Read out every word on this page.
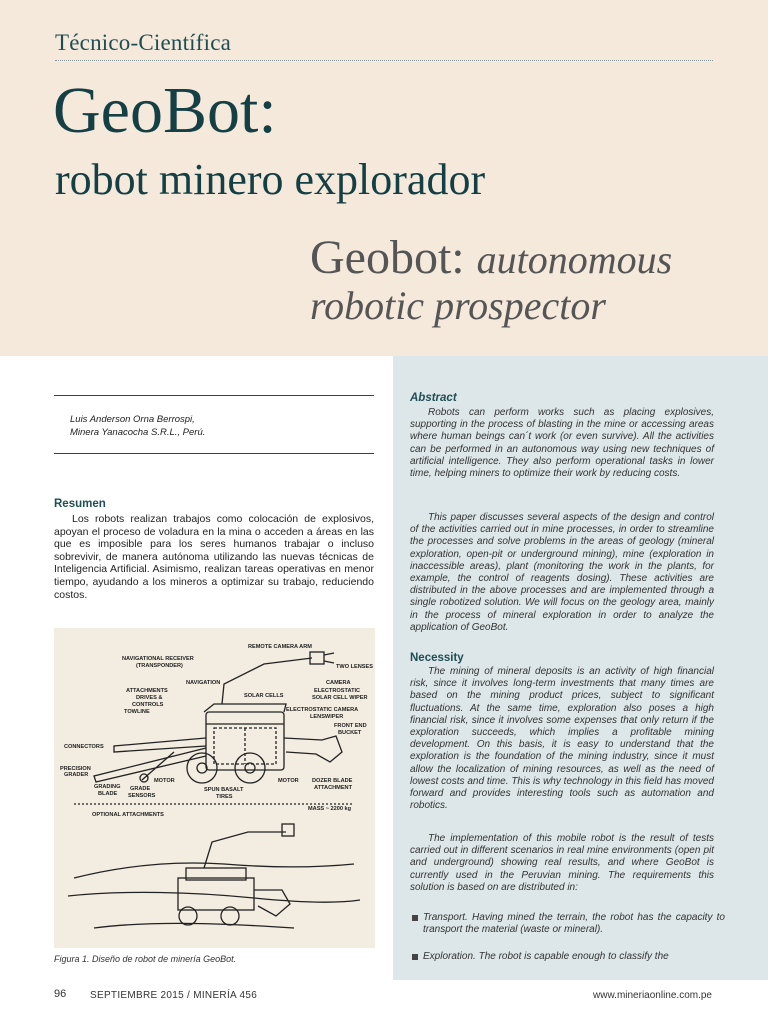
Técnico-Científica
GeoBot:
robot minero explorador
Geobot: autonomous
robotic prospector
Luis Anderson Orna Berrospi,
Minera Yanacocha S.R.L., Perú.
Resumen
Los robots realizan trabajos como colocación de explosivos, apoyan el proceso de voladura en la mina o acceden a áreas en las que es imposible para los seres humanos trabajar o incluso sobrevivir, de manera autónoma utilizando las nuevas técnicas de Inteligencia Artificial. Asimismo, realizan tareas operativas en menor tiempo, ayudando a los mineros a optimizar su trabajo, reduciendo costos.
REMOTE CAMERA ARM
NAVIGATIONAL RECEIVER
(TRANSPONDER)
NAVIGATION
TWO LENSES
CAMERA
ATTACHMENTS
DRIVES &
CONTROLS
TOWLINE
SOLAR CELLS
ELECTROSTATIC
SOLAR CELL WIPER
ELECTROSTATIC CAMERA
LENSWIPER
FRONT END
BUCKET
CONNECTORS
PRECISION
GRADER
GRADING
BLADE
GRADE
SENSORS
MOTOR	MOTOR
SPUN BASALT
TIRES
DOZER BLADE
ATTACHMENT
MASS ~ 2200 kg
OPTIONAL ATTACHMENTS
Figura 1. Diseño de robot de minería GeoBot.
Abstract
Robots can perform works such as placing explosives, supporting in the process of blasting in the mine or accessing areas where human beings can´t work (or even survive). All the activities can be performed in an autonomous way using new techniques of artificial intelligence. They also perform operational tasks in lower time, helping miners to optimize their work by reducing costs.
This paper discusses several aspects of the design and control of the activities carried out in mine processes, in order to streamline the processes and solve problems in the areas of geology (mineral exploration, open-pit or underground mining), mine (exploration in inaccessible areas), plant (monitoring the work in the plants, for example, the control of reagents dosing). These activities are distributed in the above processes and are implemented through a single robotized solution. We will focus on the geology area, mainly in the process of mineral exploration in order to analyze the application of GeoBot.
Necessity
The mining of mineral deposits is an activity of high financial risk, since it involves long-term investments that many times are based on the mining product prices, subject to significant fluctuations. At the same time, exploration also poses a high financial risk, since it involves some expenses that only return if the exploration succeeds, which implies a profitable mining development. On this basis, it is easy to understand that the exploration is the foundation of the mining industry, since it must allow the localization of mining resources, as well as the need of lowest costs and time. This is why technology in this field has moved forward and provides interesting tools such as automation and robotics.
The implementation of this mobile robot is the result of tests carried out in different scenarios in real mine environments (open pit and underground) showing real results, and where GeoBot is currently used in the Peruvian mining. The requirements this solution is based on are distributed in:
Transport. Having mined the terrain, the robot has the capacity to transport the material (waste or mineral).
Exploration. The robot is capable enough to classify the
96 SEPTIEMBRE 2015 / MINERÍA 456	www.mineriaonline.com.pe
